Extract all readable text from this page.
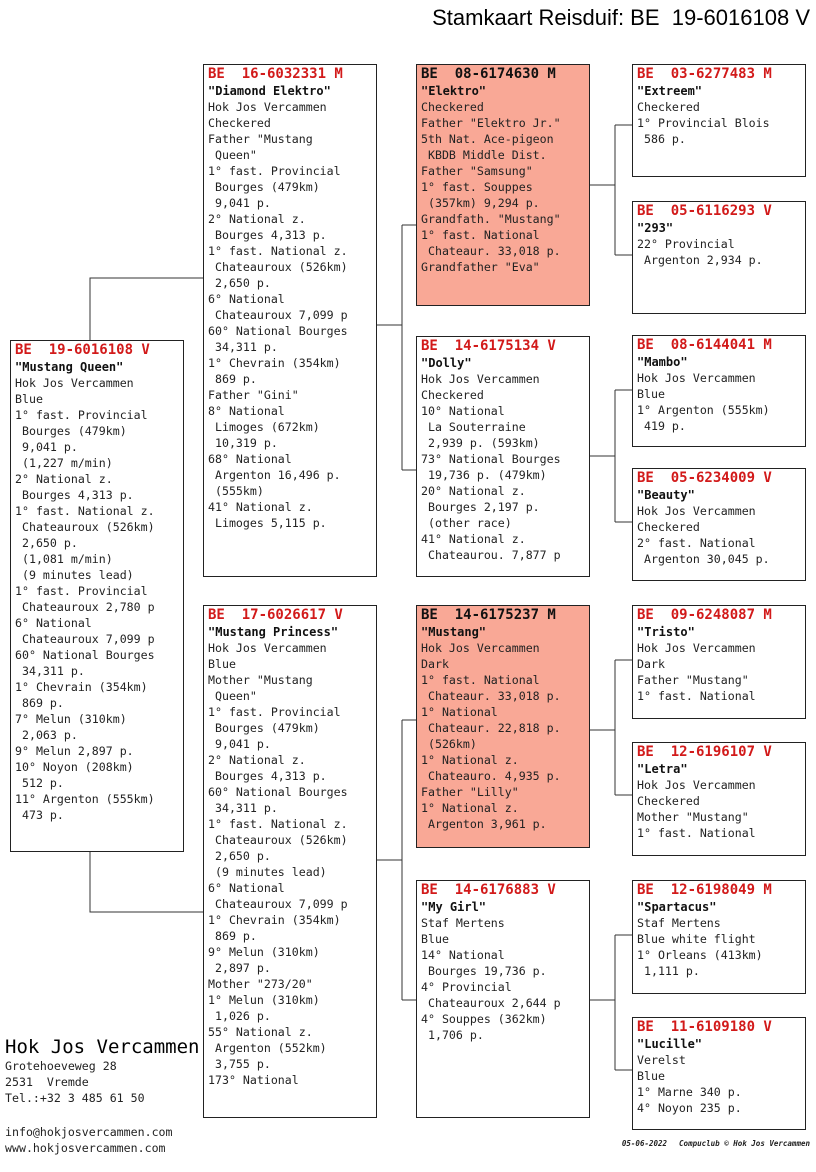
Stamkaart Reisduif: BE  19-6016108 V
BE  19-6016108 V
"Mustang Queen"
Hok Jos Vercammen
Blue
1° fast. Provincial
Bourges (479km)
9,041 p.
(1,227 m/min)
2° National z.
Bourges 4,313 p.
1° fast. National z.
Chateauroux (526km)
2,650 p.
(1,081 m/min)
(9 minutes lead)
1° fast. Provincial
Chateauroux 2,780 p
6° National
Chateauroux 7,099 p
60° National Bourges
34,311 p.
1° Chevrain (354km)
869 p.
7° Melun (310km)
2,063 p.
9° Melun 2,897 p.
10° Noyon (208km)
512 p.
11° Argenton (555km)
473 p.
BE  16-6032331 M
"Diamond Elektro"
Hok Jos Vercammen
Checkered
Father "Mustang
Queen"
1° fast. Provincial
Bourges (479km)
9,041 p.
2° National z.
Bourges 4,313 p.
1° fast. National z.
Chateauroux (526km)
2,650 p.
6° National
Chateauroux 7,099 p
60° National Bourges
34,311 p.
1° Chevrain (354km)
869 p.
Father "Gini"
8° National
Limoges (672km)
10,319 p.
68° National
Argenton 16,496 p.
(555km)
41° National z.
Limoges 5,115 p.
BE  17-6026617 V
"Mustang Princess"
Hok Jos Vercammen
Blue
Mother "Mustang
Queen"
1° fast. Provincial
Bourges (479km)
9,041 p.
2° National z.
Bourges 4,313 p.
60° National Bourges
34,311 p.
1° fast. National z.
Chateauroux (526km)
2,650 p.
(9 minutes lead)
6° National
Chateauroux 7,099 p
1° Chevrain (354km)
869 p.
9° Melun (310km)
2,897 p.
Mother "273/20"
1° Melun (310km)
1,026 p.
55° National z.
Argenton (552km)
3,755 p.
173° National
BE  08-6174630 M
"Elektro"
Checkered
Father "Elektro Jr."
5th Nat. Ace-pigeon
KBDB Middle Dist.
Father "Samsung"
1° fast. Souppes
(357km) 9,294 p.
Grandfath. "Mustang"
1° fast. National
Chateaur. 33,018 p.
Grandfather "Eva"
BE  14-6175134 V
"Dolly"
Hok Jos Vercammen
Checkered
10° National
La Souterraine
2,939 p. (593km)
73° National Bourges
19,736 p. (479km)
20° National z.
Bourges 2,197 p.
(other race)
41° National z.
Chateaurou. 7,877 p
BE  14-6175237 M
"Mustang"
Hok Jos Vercammen
Dark
1° fast. National
Chateaur. 33,018 p.
1° National
Chateaur. 22,818 p.
(526km)
1° National z.
Chateauro. 4,935 p.
Father "Lilly"
1° National z.
Argenton 3,961 p.
BE  14-6176883 V
"My Girl"
Staf Mertens
Blue
14° National
Bourges 19,736 p.
4° Provincial
Chateauroux 2,644 p
4° Souppes (362km)
1,706 p.
BE  03-6277483 M
"Extreem"
Checkered
1° Provincial Blois
586 p.
BE  05-6116293 V
"293"
22° Provincial
Argenton 2,934 p.
BE  08-6144041 M
"Mambo"
Hok Jos Vercammen
Blue
1° Argenton (555km)
419 p.
BE  05-6234009 V
"Beauty"
Hok Jos Vercammen
Checkered
2° fast. National
Argenton 30,045 p.
BE  09-6248087 M
"Tristo"
Hok Jos Vercammen
Dark
Father "Mustang"
1° fast. National
BE  12-6196107 V
"Letra"
Hok Jos Vercammen
Checkered
Mother "Mustang"
1° fast. National
BE  12-6198049 M
"Spartacus"
Staf Mertens
Blue white flight
1° Orleans (413km)
1,111 p.
BE  11-6109180 V
"Lucille"
Verelst
Blue
1° Marne 340 p.
4° Noyon 235 p.
Hok Jos Vercammen
Grotehoeveweg 28
2531  Vremde
Tel.:+32 3 485 61 50
info@hokjosvercammen.com
www.hokjosvercammen.com	05-06-2022 Compuclub © Hok Jos Vercammen
